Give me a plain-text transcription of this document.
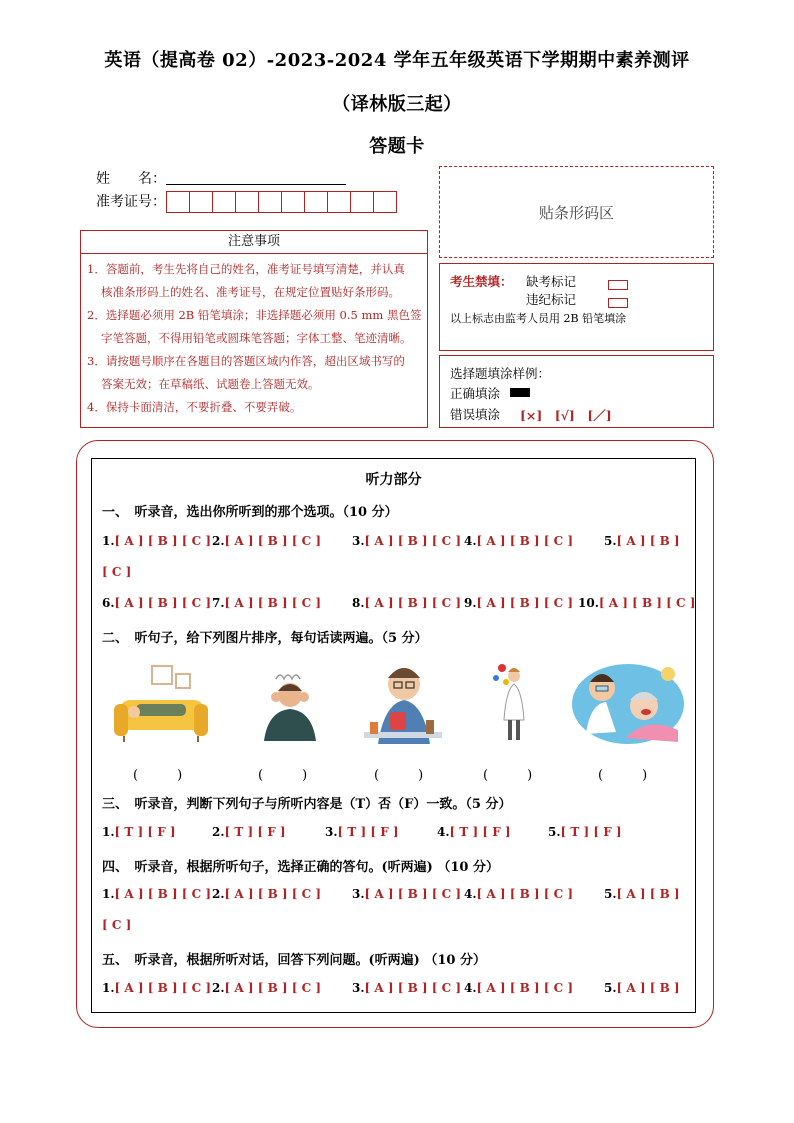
英语（提高卷 02）-2023-2024 学年五年级英语下学期期中素养测评
（译林版三起）
答题卡
姓　　名：
准考证号：
贴条形码区
注意事项
1．答题前，考生先将自己的姓名，准考证号填写清楚，并认真
核准条形码上的姓名、准考证号，在规定位置贴好条形码。
2．选择题必须用 2B 铅笔填涂；非选择题必须用 0.5 mm 黑色签
字笔答题，不得用铅笔或圆珠笔答题；字体工整、笔迹清晰。
3．请按题号顺序在各题目的答题区域内作答，超出区域书写的
答案无效；在草稿纸、试题卷上答题无效。
4．保持卡面清洁，不要折叠、不要弄破。
考生禁填： 缺考标记
违纪标记
以上标志由监考人员用 2B 铅笔填涂
选择题填涂样例：
正确填涂
错误填涂 [×]　[√]　[／]
听力部分
一、　听录音，选出你所听到的那个选项。（10 分）
1.[ A ] [ B ] [ C ] 2.[ A ] [ B ] [ C ]	3.[ A ] [ B ] [ C ] 4.[ A ] [ B ] [ C ]	5.[ A ] [ B ]
[ C ]
6.[ A ] [ B ] [ C ] 7.[ A ] [ B ] [ C ]	8.[ A ] [ B ] [ C ] 9.[ A ] [ B ] [ C ] 10.[ A ] [ B ] [ C ]
二、　听句子，给下列图片排序，每句话读两遍。（5 分）
(　　　)	(　　　)	(　　　)	(　　　)	(　　　)
三、　听录音，判断下列句子与所听内容是（T）否（F）一致。（5 分）
1.[ T ] [ F ]	2.[ T ] [ F ]	3.[ T ] [ F ]	4.[ T ] [ F ]	5.[ T ] [ F ]
四、　听录音，根据所听句子，选择正确的答句。(听两遍) （10 分）
1.[ A ] [ B ] [ C ] 2.[ A ] [ B ] [ C ]	3.[ A ] [ B ] [ C ] 4.[ A ] [ B ] [ C ]	5.[ A ] [ B ]
[ C ]
五、　听录音，根据所听对话，回答下列问题。(听两遍) （10 分）
1.[ A ] [ B ] [ C ] 2.[ A ] [ B ] [ C ]	3.[ A ] [ B ] [ C ] 4.[ A ] [ B ] [ C ]	5.[ A ] [ B ]
